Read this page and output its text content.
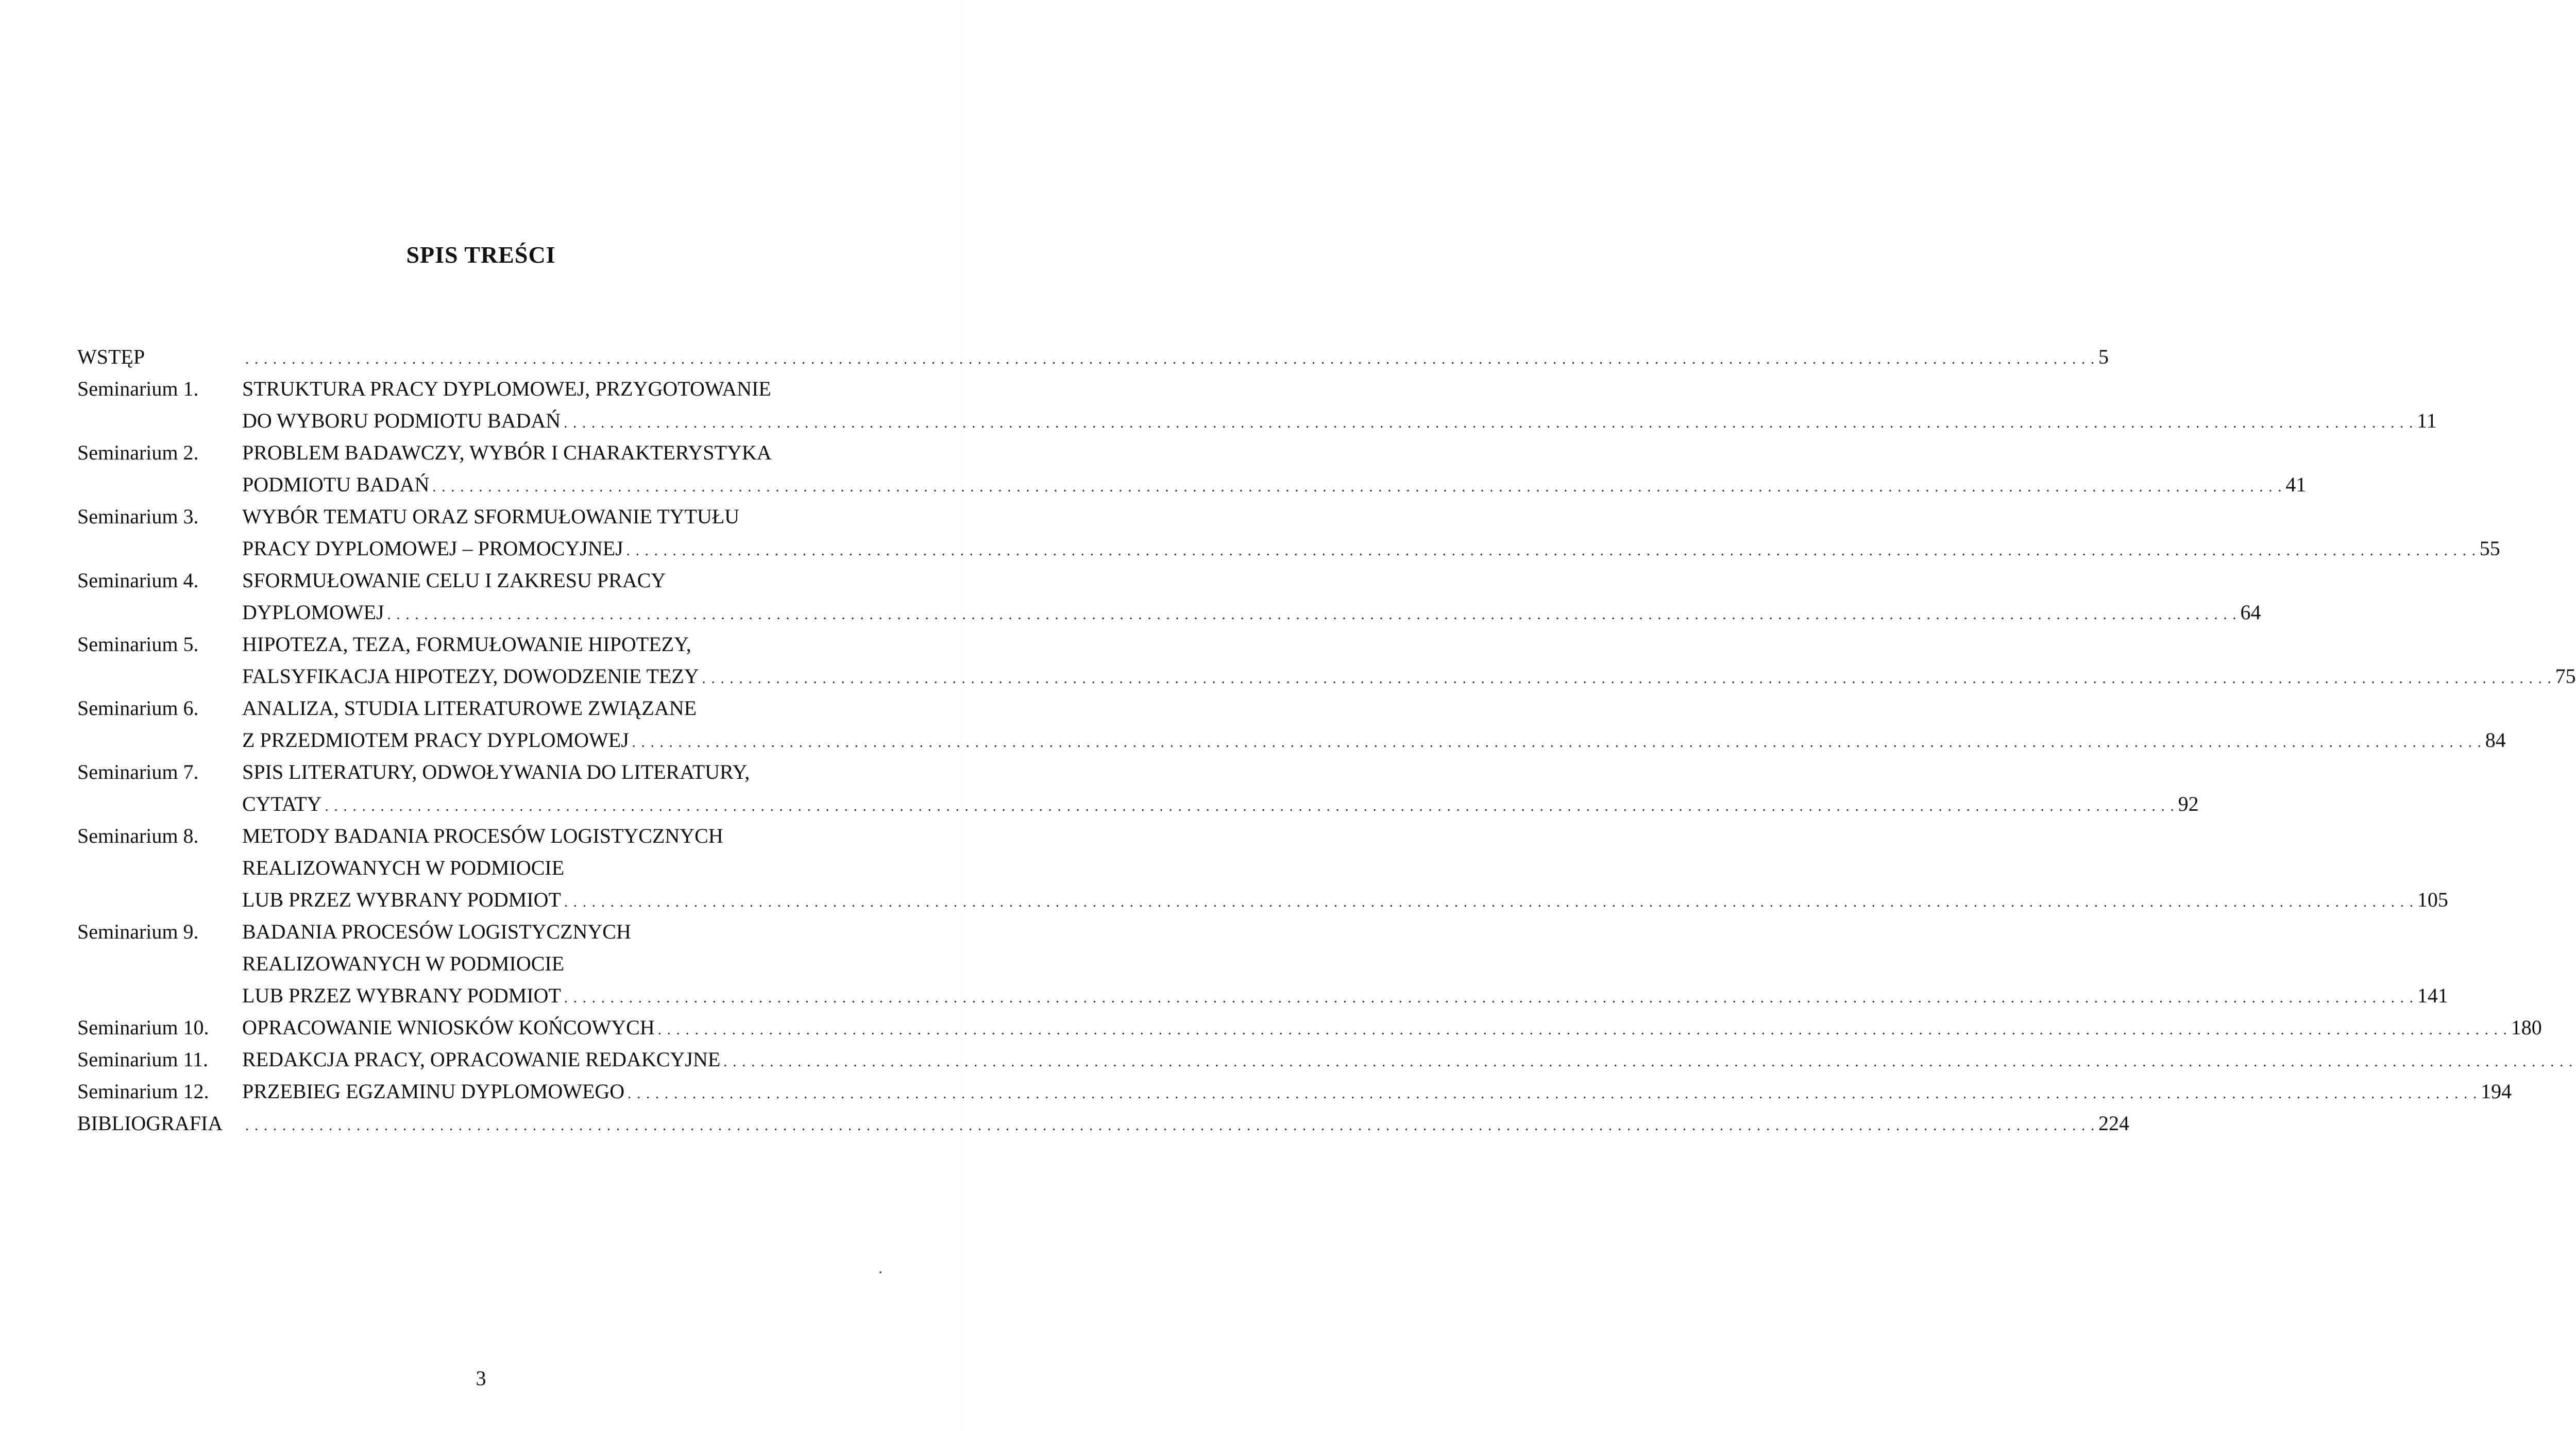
SPIS TREŚCI
WSTĘP	. . . . . . . . . . . . . . . . . . . . . . . . . . . . . . . . . . . . . . . . . . . . . . . . . . . . . . . . . . . . . . . . . . . . . . . . . . . . . . . . . . . . . . . . . . . . . . . . . . . . . . . . . . . . . . . . . . . . . . . . . . . . . . . . . . . . . . . . . . . . . . . . . . . . . . . . . . . . . . . . . . . . . . . . . . . . . . . . . . . . . . . . . . . . . . . . . . . . . . . . 5
Seminarium 1.	STRUKTURA PRACY DYPLOMOWEJ, PRZYGOTOWANIE
DO WYBORU PODMIOTU BADAŃ . . . . . . . . . . . . . . . . . . . . . . . . . . . . . . . . . . . . . . . . . . . . . . . . . . . . . . . . . . . . . . . . . . . . . . . . . . . . . . . . . . . . . . . . . . . . . . . . . . . . . . . . . . . . . . . . . . . . . . . . . . . . . . . . . . . . . . . . . . . . . . . . . . . . . . . . . . . . . . . . . . . . . . . . . . . . . . . . . . . . . . . . . . . . . . . . . . . . . . . . 11
Seminarium 2.	PROBLEM BADAWCZY, WYBÓR I CHARAKTERYSTYKA
PODMIOTU BADAŃ . . . . . . . . . . . . . . . . . . . . . . . . . . . . . . . . . . . . . . . . . . . . . . . . . . . . . . . . . . . . . . . . . . . . . . . . . . . . . . . . . . . . . . . . . . . . . . . . . . . . . . . . . . . . . . . . . . . . . . . . . . . . . . . . . . . . . . . . . . . . . . . . . . . . . . . . . . . . . . . . . . . . . . . . . . . . . . . . . . . . . . . . . . . . . . . . . . . . . . . . 41
Seminarium 3.	WYBÓR TEMATU ORAZ SFORMUŁOWANIE TYTUŁU
PRACY DYPLOMOWEJ – PROMOCYJNEJ . . . . . . . . . . . . . . . . . . . . . . . . . . . . . . . . . . . . . . . . . . . . . . . . . . . . . . . . . . . . . . . . . . . . . . . . . . . . . . . . . . . . . . . . . . . . . . . . . . . . . . . . . . . . . . . . . . . . . . . . . . . . . . . . . . . . . . . . . . . . . . . . . . . . . . . . . . . . . . . . . . . . . . . . . . . . . . . . . . . . . . . . . . . . . . . . . . . . . . . . 55
Seminarium 4.	SFORMUŁOWANIE CELU I ZAKRESU PRACY
DYPLOMOWEJ . . . . . . . . . . . . . . . . . . . . . . . . . . . . . . . . . . . . . . . . . . . . . . . . . . . . . . . . . . . . . . . . . . . . . . . . . . . . . . . . . . . . . . . . . . . . . . . . . . . . . . . . . . . . . . . . . . . . . . . . . . . . . . . . . . . . . . . . . . . . . . . . . . . . . . . . . . . . . . . . . . . . . . . . . . . . . . . . . . . . . . . . . . . . . . . . . . . . . . . . 64
Seminarium 5.	HIPOTEZA, TEZA, FORMUŁOWANIE HIPOTEZY,
FALSYFIKACJA HIPOTEZY, DOWODZENIE TEZY . . . . . . . . . . . . . . . . . . . . . . . . . . . . . . . . . . . . . . . . . . . . . . . . . . . . . . . . . . . . . . . . . . . . . . . . . . . . . . . . . . . . . . . . . . . . . . . . . . . . . . . . . . . . . . . . . . . . . . . . . . . . . . . . . . . . . . . . . . . . . . . . . . . . . . . . . . . . . . . . . . . . . . . . . . . . . . . . . . . . . . . . . . . . . . . . . . . . . . . . 75
Seminarium 6.	ANALIZA, STUDIA LITERATUROWE ZWIĄZANE
Z PRZEDMIOTEM PRACY DYPLOMOWEJ . . . . . . . . . . . . . . . . . . . . . . . . . . . . . . . . . . . . . . . . . . . . . . . . . . . . . . . . . . . . . . . . . . . . . . . . . . . . . . . . . . . . . . . . . . . . . . . . . . . . . . . . . . . . . . . . . . . . . . . . . . . . . . . . . . . . . . . . . . . . . . . . . . . . . . . . . . . . . . . . . . . . . . . . . . . . . . . . . . . . . . . . . . . . . . . . . . . . . . . . 84
Seminarium 7.	SPIS LITERATURY, ODWOŁYWANIA DO LITERATURY,
CYTATY . . . . . . . . . . . . . . . . . . . . . . . . . . . . . . . . . . . . . . . . . . . . . . . . . . . . . . . . . . . . . . . . . . . . . . . . . . . . . . . . . . . . . . . . . . . . . . . . . . . . . . . . . . . . . . . . . . . . . . . . . . . . . . . . . . . . . . . . . . . . . . . . . . . . . . . . . . . . . . . . . . . . . . . . . . . . . . . . . . . . . . . . . . . . . . . . . . . . . . . . 92
Seminarium 8.	METODY BADANIA PROCESÓW LOGISTYCZNYCH
REALIZOWANYCH W PODMIOCIE
LUB PRZEZ WYBRANY PODMIOT . . . . . . . . . . . . . . . . . . . . . . . . . . . . . . . . . . . . . . . . . . . . . . . . . . . . . . . . . . . . . . . . . . . . . . . . . . . . . . . . . . . . . . . . . . . . . . . . . . . . . . . . . . . . . . . . . . . . . . . . . . . . . . . . . . . . . . . . . . . . . . . . . . . . . . . . . . . . . . . . . . . . . . . . . . . . . . . . . . . . . . . . . . . . . . . . . . . . . . . . 105
Seminarium 9.	BADANIA PROCESÓW LOGISTYCZNYCH
REALIZOWANYCH W PODMIOCIE
LUB PRZEZ WYBRANY PODMIOT . . . . . . . . . . . . . . . . . . . . . . . . . . . . . . . . . . . . . . . . . . . . . . . . . . . . . . . . . . . . . . . . . . . . . . . . . . . . . . . . . . . . . . . . . . . . . . . . . . . . . . . . . . . . . . . . . . . . . . . . . . . . . . . . . . . . . . . . . . . . . . . . . . . . . . . . . . . . . . . . . . . . . . . . . . . . . . . . . . . . . . . . . . . . . . . . . . . . . . . . 141
Seminarium 10.	OPRACOWANIE WNIOSKÓW KOŃCOWYCH . . . . . . . . . . . . . . . . . . . . . . . . . . . . . . . . . . . . . . . . . . . . . . . . . . . . . . . . . . . . . . . . . . . . . . . . . . . . . . . . . . . . . . . . . . . . . . . . . . . . . . . . . . . . . . . . . . . . . . . . . . . . . . . . . . . . . . . . . . . . . . . . . . . . . . . . . . . . . . . . . . . . . . . . . . . . . . . . . . . . . . . . . . . . . . . . . . . . . . . . 180
Seminarium 11.	REDAKCJA PRACY, OPRACOWANIE REDAKCYJNE . . . . . . . . . . . . . . . . . . . . . . . . . . . . . . . . . . . . . . . . . . . . . . . . . . . . . . . . . . . . . . . . . . . . . . . . . . . . . . . . . . . . . . . . . . . . . . . . . . . . . . . . . . . . . . . . . . . . . . . . . . . . . . . . . . . . . . . . . . . . . . . . . . . . . . . . . . . . . . . . . . . . . . . . . . . . . . . . . . . . . . . . . . . . . . . . . . . . . . . .
Seminarium 12.	PRZEBIEG EGZAMINU DYPLOMOWEGO . . . . . . . . . . . . . . . . . . . . . . . . . . . . . . . . . . . . . . . . . . . . . . . . . . . . . . . . . . . . . . . . . . . . . . . . . . . . . . . . . . . . . . . . . . . . . . . . . . . . . . . . . . . . . . . . . . . . . . . . . . . . . . . . . . . . . . . . . . . . . . . . . . . . . . . . . . . . . . . . . . . . . . . . . . . . . . . . . . . . . . . . . . . . . . . . . . . . . . . . 194
BIBLIOGRAFIA	. . . . . . . . . . . . . . . . . . . . . . . . . . . . . . . . . . . . . . . . . . . . . . . . . . . . . . . . . . . . . . . . . . . . . . . . . . . . . . . . . . . . . . . . . . . . . . . . . . . . . . . . . . . . . . . . . . . . . . . . . . . . . . . . . . . . . . . . . . . . . . . . . . . . . . . . . . . . . . . . . . . . . . . . . . . . . . . . . . . . . . . . . . . . . . . . . . . . . . . . 224
3
